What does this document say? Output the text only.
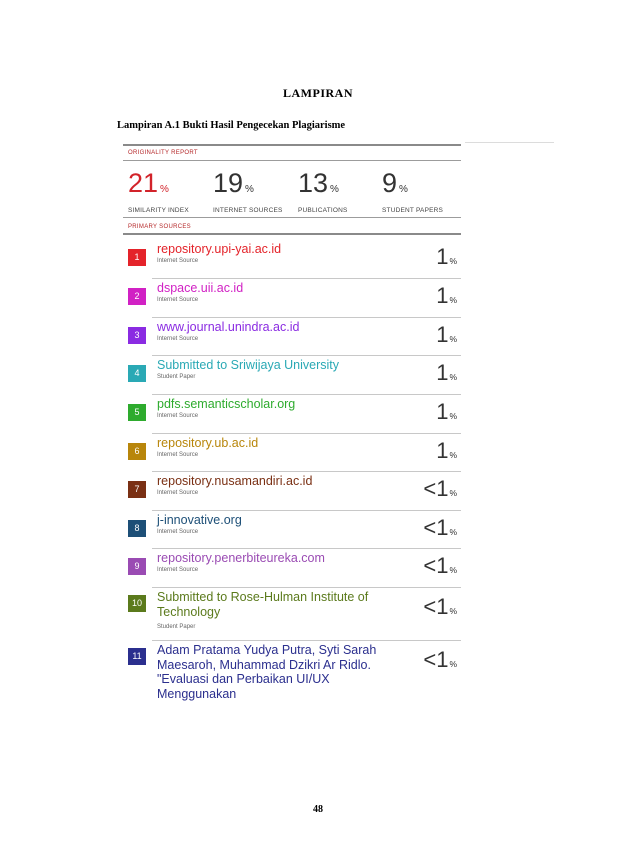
LAMPIRAN
Lampiran A.1 Bukti Hasil Pengecekan Plagiarisme
ORIGINALITY REPORT
21 %
SIMILARITY INDEX
19 %
INTERNET SOURCES
13 %
PUBLICATIONS
9 %
STUDENT PAPERS
PRIMARY SOURCES
1
repository.upi-yai.ac.id
Internet Source	1%
2
dspace.uii.ac.id
Internet Source	1%
3
www.journal.unindra.ac.id
Internet Source	1%
4
Submitted to Sriwijaya University
Student Paper	1%
5
pdfs.semanticscholar.org
Internet Source	1%
6
repository.ub.ac.id
Internet Source	1%
7
repository.nusamandiri.ac.id
Internet Source	<1%
8
j-innovative.org
Internet Source	<1%
9
repository.penerbiteureka.com
Internet Source	<1%
10	Submitted to Rose-Hulman Institute of Technology
Student Paper
<1%
11	Adam Pratama Yudya Putra, Syti Sarah Maesaroh, Muhammad Dzikri Ar Ridlo. "Evaluasi dan Perbaikan UI/UX Menggunakan
<1%
48
